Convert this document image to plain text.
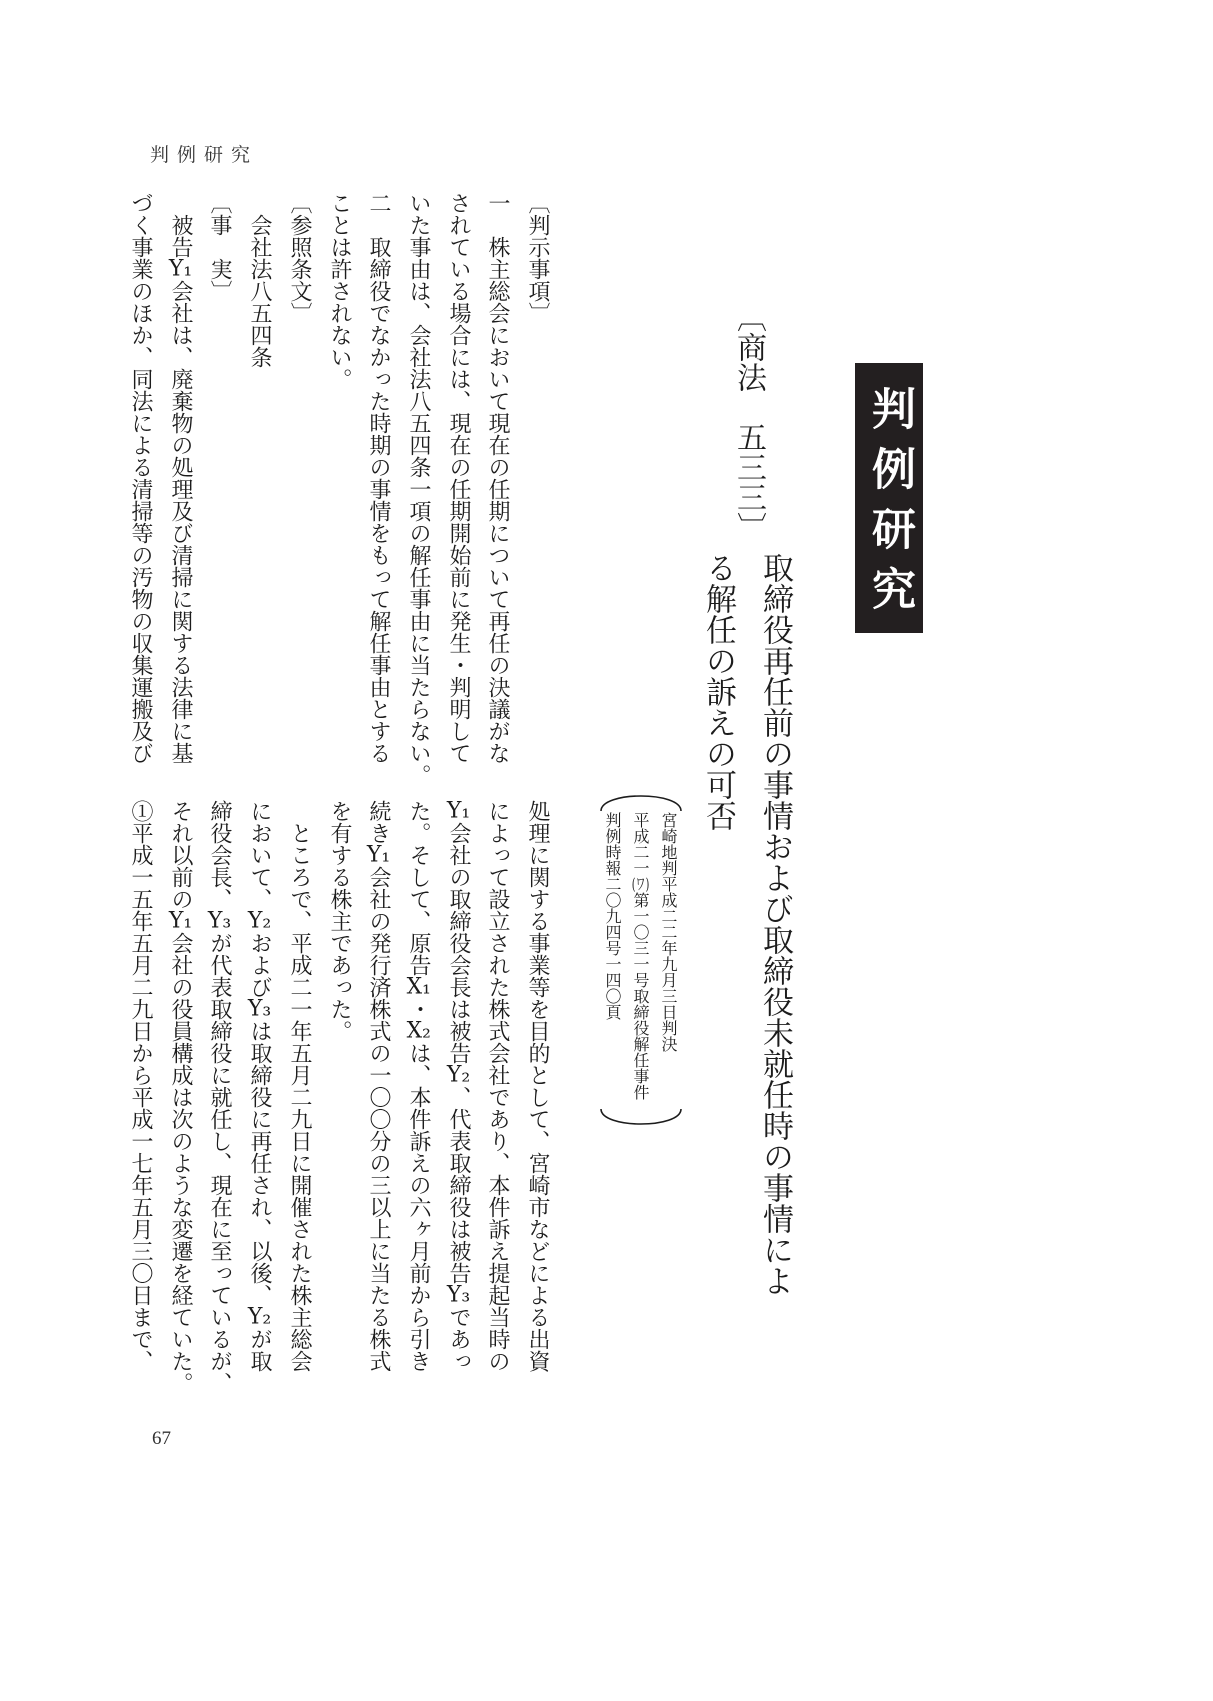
判例研究
判例研究
〔商法　五三三〕
取締役再任前の事情および取締役未就任時の事情によ
る解任の訴えの可否
宮崎地判平成二二年九月三日判決
平成二一(ワ)第一〇三一号取締役解任事件
判例時報二〇九四号一四〇頁
〔判示事項〕
一　株主総会において現在の任期について再任の決議がな
されている場合には、現在の任期開始前に発生・判明して
いた事由は、会社法八五四条一項の解任事由に当たらない。
二　取締役でなかった時期の事情をもって解任事由とする
ことは許されない。
〔参照条文〕
　会社法八五四条
〔事　実〕
　被告Y₁会社は、廃棄物の処理及び清掃に関する法律に基
づく事業のほか、同法による清掃等の汚物の収集運搬及び
処理に関する事業等を目的として、宮崎市などによる出資
によって設立された株式会社であり、本件訴え提起当時の
Y₁会社の取締役会長は被告Y₂、代表取締役は被告Y₃であっ
た。そして、原告X₁・X₂は、本件訴えの六ヶ月前から引き
続きY₁会社の発行済株式の一〇〇分の三以上に当たる株式
を有する株主であった。
　ところで、平成二一年五月二九日に開催された株主総会
において、Y₂およびY₃は取締役に再任され、以後、Y₂が取
締役会長、Y₃が代表取締役に就任し、現在に至っているが、
それ以前のY₁会社の役員構成は次のような変遷を経ていた。
①平成一五年五月二九日から平成一七年五月三〇日まで、
67
